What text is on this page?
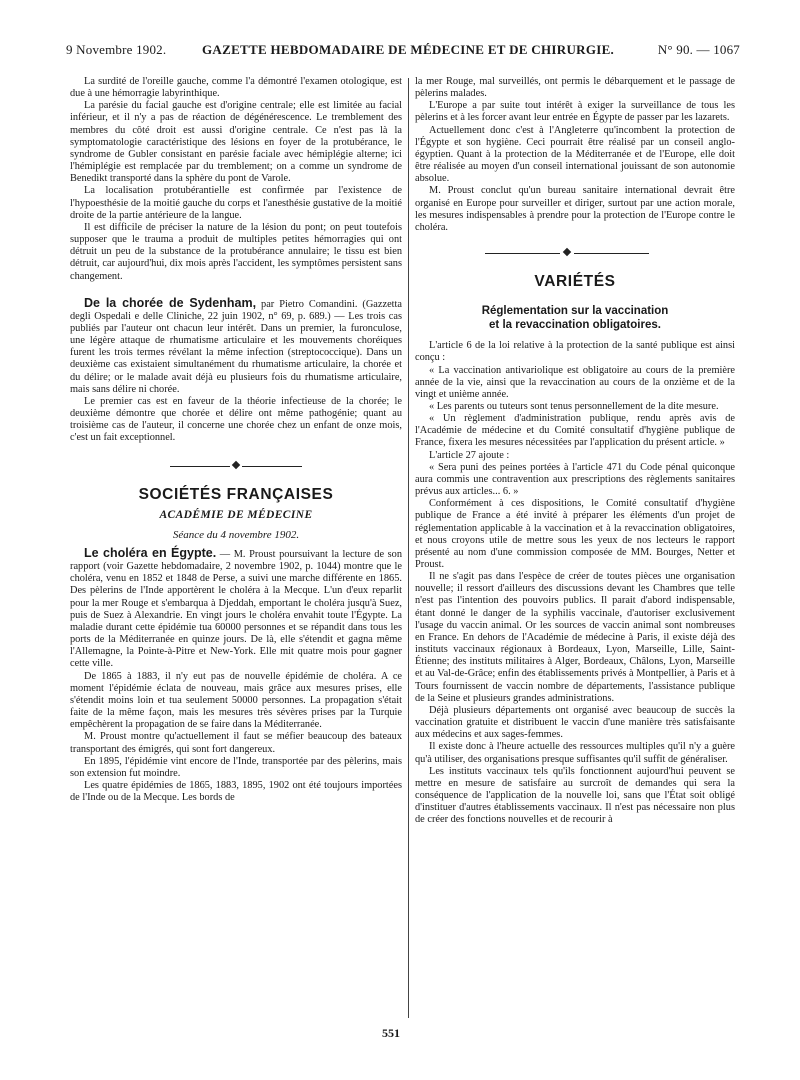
9 Novembre 1902.	GAZETTE HEBDOMADAIRE DE MÉDECINE ET DE CHIRURGIE.	N° 90. — 1067

La surdité de l'oreille gauche, comme l'a démontré l'examen otologique, est due à une hémorragie labyrinthique.

La parésie du facial gauche est d'origine centrale; elle est limitée au facial inférieur, et il n'y a pas de réaction de dégénérescence. Le tremblement des membres du côté droit est aussi d'origine centrale. Ce n'est pas là la symptomatologie caractéristique des lésions en foyer de la protubérance, le syndrome de Gubler consistant en parésie faciale avec hémiplégie alterne; ici l'hémiplégie est remplacée par du tremblement; on a comme un syndrome de Benedikt transporté dans la sphère du pont de Varole.

La localisation protubérantielle est confirmée par l'existence de l'hypoesthésie de la moitié gauche du corps et l'anesthésie gustative de la moitié droite de la partie antérieure de la langue.

Il est difficile de préciser la nature de la lésion du pont; on peut toutefois supposer que le trauma a produit de multiples petites hémorragies qui ont détruit un peu de la substance de la protubérance annulaire; le tissu est bien détruit, car aujourd'hui, dix mois après l'accident, les symptômes persistent sans changement.

De la chorée de Sydenham, par Pietro Comandini. (Gazzetta degli Ospedali e delle Cliniche, 22 juin 1902, n° 69, p. 689.) — Les trois cas publiés par l'auteur ont chacun leur intérêt. Dans un premier, la furonculose, une légère attaque de rhumatisme articulaire et les mouvements choréiques furent les trois termes révélant la même infection (streptococcique). Dans un deuxième cas existaient simultanément du rhumatisme articulaire, la chorée et du délire; or le malade avait déjà eu plusieurs fois du rhumatisme articulaire, mais sans délire ni chorée.

Le premier cas est en faveur de la théorie infectieuse de la chorée; le deuxième démontre que chorée et délire ont même pathogénie; quant au troisième cas de l'auteur, il concerne une chorée chez un enfant de onze mois, c'est un fait exceptionnel.

SOCIÉTÉS FRANÇAISES
ACADÉMIE DE MÉDECINE
Séance du 4 novembre 1902.

Le choléra en Égypte. — M. Proust poursuivant la lecture de son rapport (voir Gazette hebdomadaire, 2 novembre 1902, p. 1044) montre que le choléra, venu en 1852 et 1848 de Perse, a suivi une marche différente en 1865. Des pèlerins de l'Inde apportèrent le choléra à la Mecque. L'un d'eux reparlit pour la mer Rouge et s'embarqua à Djeddah, emportant le choléra jusqu'à Suez, puis de Suez à Alexandrie. En vingt jours le choléra envahit toute l'Égypte. La maladie durant cette épidémie tua 60000 personnes et se répandit dans tous les ports de la Méditerranée en quinze jours. De là, elle s'étendit et gagna même l'Allemagne, la Pointe-à-Pitre et New-York. Elle mit quatre mois pour gagner cette ville.

De 1865 à 1883, il n'y eut pas de nouvelle épidémie de choléra. A ce moment l'épidémie éclata de nouveau, mais grâce aux mesures prises, elle s'étendit moins loin et tua seulement 50000 personnes. La propagation s'était faite de la même façon, mais les mesures très sévères prises par la Turquie empêchèrent la propagation de se faire dans la Méditerranée.

M. Proust montre qu'actuellement il faut se méfier beaucoup des bateaux transportant des émigrés, qui sont fort dangereux.

En 1895, l'épidémie vint encore de l'Inde, transportée par des pèlerins, mais son extension fut moindre.

Les quatre épidémies de 1865, 1883, 1895, 1902 ont été toujours importées de l'Inde ou de la Mecque. Les bords de

la mer Rouge, mal surveillés, ont permis le débarquement et le passage de pèlerins malades.

L'Europe a par suite tout intérêt à exiger la surveillance de tous les pèlerins et à les forcer avant leur entrée en Égypte de passer par les lazarets.

Actuellement donc c'est à l'Angleterre qu'incombent la protection de l'Égypte et son hygiène. Ceci pourrait être réalisé par un conseil anglo-égyptien. Quant à la protection de la Méditerranée et de l'Europe, elle doit être réalisée au moyen d'un conseil international jouissant de son autonomie absolue.

M. Proust conclut qu'un bureau sanitaire international devrait être organisé en Europe pour surveiller et diriger, surtout par une action morale, les mesures indispensables à prendre pour la protection de l'Europe contre le choléra.

VARIÉTÉS
Réglementation sur la vaccination
et la revaccination obligatoires.

L'article 6 de la loi relative à la protection de la santé publique est ainsi conçu :

« La vaccination antivariolique est obligatoire au cours de la première année de la vie, ainsi que la revaccination au cours de la onzième et de la vingt et unième année.

« Les parents ou tuteurs sont tenus personnellement de la dite mesure.

« Un règlement d'administration publique, rendu après avis de l'Académie de médecine et du Comité consultatif d'hygiène publique de France, fixera les mesures nécessitées par l'application du présent article. »

L'article 27 ajoute :

« Sera puni des peines portées à l'article 471 du Code pénal quiconque aura commis une contravention aux prescriptions des règlements sanitaires prévus aux articles... 6. »

Conformément à ces dispositions, le Comité consultatif d'hygiène publique de France a été invité à préparer les éléments d'un projet de réglementation applicable à la vaccination et à la revaccination obligatoires, et nous croyons utile de mettre sous les yeux de nos lecteurs le rapport présenté au nom d'une commission composée de MM. Bourges, Netter et Proust.

Il ne s'agit pas dans l'espèce de créer de toutes pièces une organisation nouvelle; il ressort d'ailleurs des discussions devant les Chambres que telle n'est pas l'intention des pouvoirs publics. Il parait d'abord indispensable, étant donné le danger de la syphilis vaccinale, d'autoriser exclusivement l'usage du vaccin animal. Or les sources de vaccin animal sont nombreuses en France. En dehors de l'Académie de médecine à Paris, il existe déjà des instituts vaccinaux régionaux à Bordeaux, Lyon, Marseille, Lille, Saint-Étienne; des instituts militaires à Alger, Bordeaux, Châlons, Lyon, Marseille et au Val-de-Grâce; enfin des établissements privés à Montpellier, à Paris et à Tours fournissent de vaccin nombre de départements, l'assistance publique de la Seine et plusieurs grandes administrations.

Déjà plusieurs départements ont organisé avec beaucoup de succès la vaccination gratuite et distribuent le vaccin d'une manière très satisfaisante aux médecins et aux sages-femmes.

Il existe donc à l'heure actuelle des ressources multiples qu'il n'y a guère qu'à utiliser, des organisations presque suffisantes qu'il suffit de généraliser.

Les instituts vaccinaux tels qu'ils fonctionnent aujourd'hui peuvent se mettre en mesure de satisfaire au surcroît de demandes qui sera la conséquence de l'application de la nouvelle loi, sans que l'État soit obligé d'instituer d'autres établissements vaccinaux. Il n'est pas nécessaire non plus de créer des fonctions nouvelles et de recourir à

551
